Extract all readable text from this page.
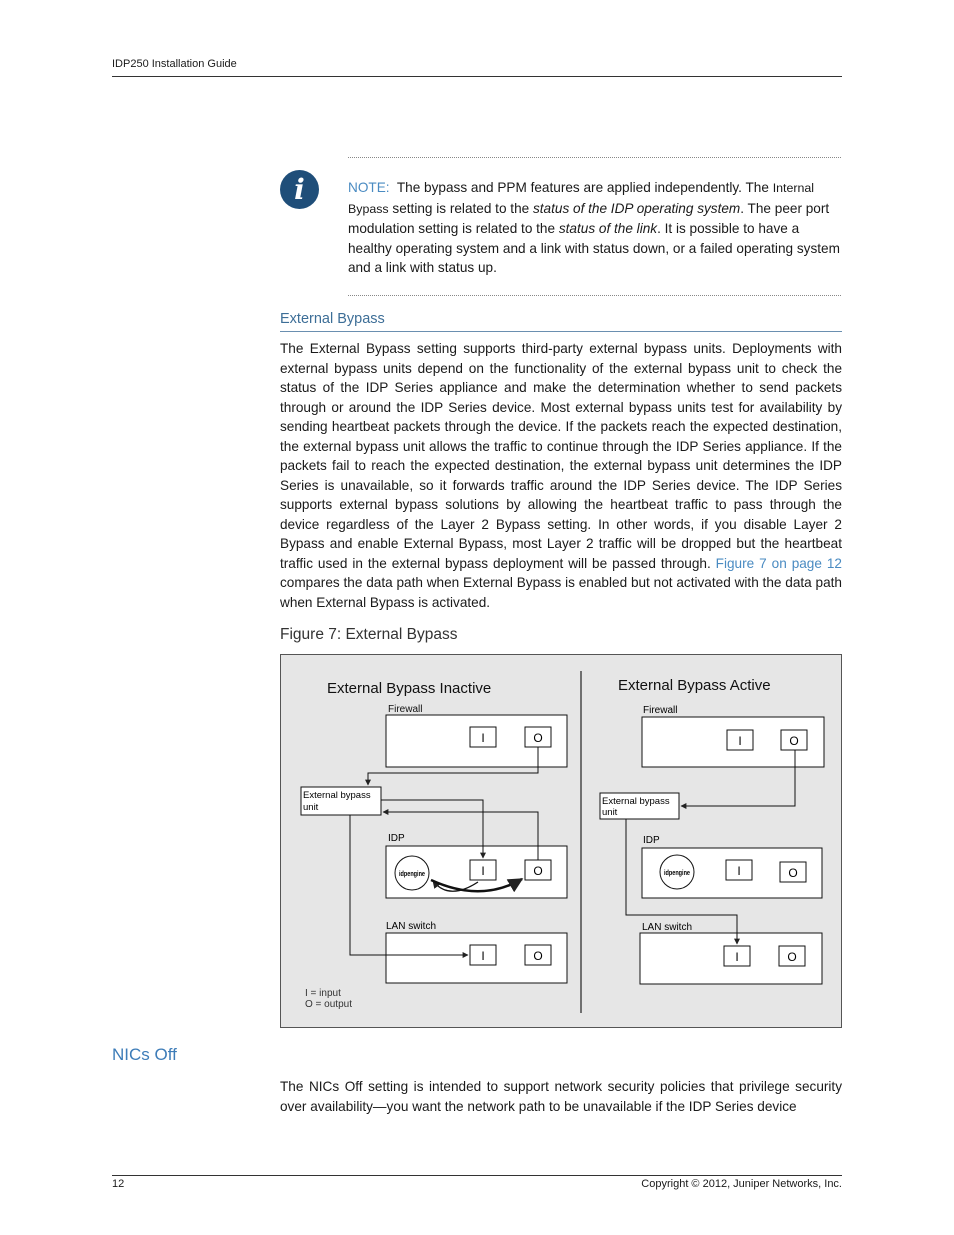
IDP250 Installation Guide
i	NOTE: The bypass and PPM features are applied independently. The Internal Bypass setting is related to the status of the IDP operating system. The peer port modulation setting is related to the status of the link. It is possible to have a healthy operating system and a link with status down, or a failed operating system and a link with status up.
External Bypass
The External Bypass setting supports third-party external bypass units. Deployments with external bypass units depend on the functionality of the external bypass unit to check the status of the IDP Series appliance and make the determination whether to send packets through or around the IDP Series device. Most external bypass units test for availability by sending heartbeat packets through the device. If the packets reach the expected destination, the external bypass unit allows the traffic to continue through the IDP Series appliance. If the packets fail to reach the expected destination, the external bypass unit determines the IDP Series is unavailable, so it forwards traffic around the IDP Series device. The IDP Series supports external bypass solutions by allowing the heartbeat traffic to pass through the device regardless of the Layer 2 Bypass setting. In other words, if you disable Layer 2 Bypass and enable External Bypass, most Layer 2 traffic will be dropped but the heartbeat traffic used in the external bypass deployment will be passed through. Figure 7 on page 12 compares the data path when External Bypass is enabled but not activated with the data path when External Bypass is activated.
Figure 7: External Bypass
External Bypass Inactive
Firewall
I	O
External bypass
unit
IDP
idpengine	I	O
LAN switch
I	O
I = input
O = output
External Bypass Active
Firewall
I	O
External bypass
unit
IDP
idpengine	I	O
LAN switch
I	O
NICs Off
The NICs Off setting is intended to support network security policies that privilege security over availability—you want the network path to be unavailable if the IDP Series device
12	Copyright © 2012, Juniper Networks, Inc.
